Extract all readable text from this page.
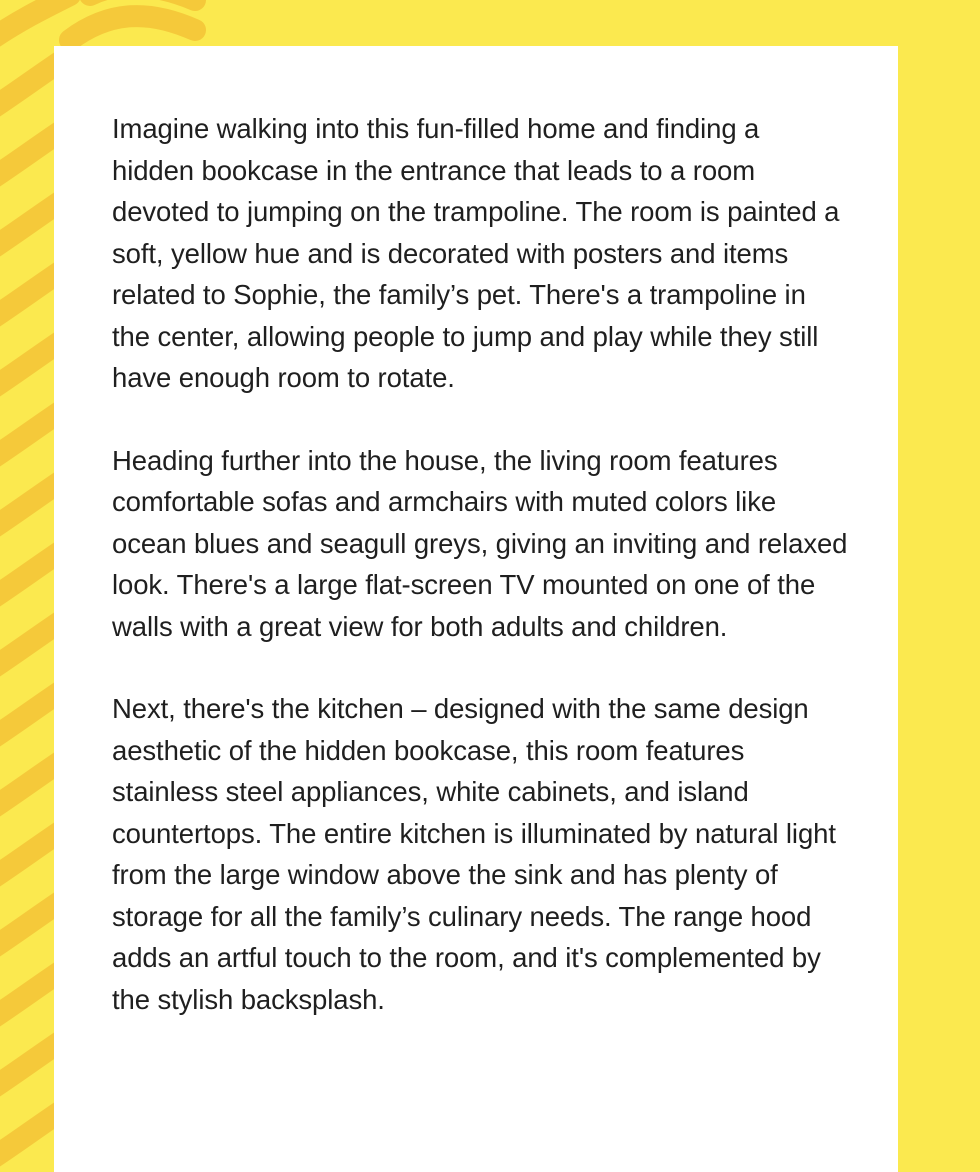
Imagine walking into this fun-filled home and finding a hidden bookcase in the entrance that leads to a room devoted to jumping on the trampoline. The room is painted a soft, yellow hue and is decorated with posters and items related to Sophie, the family’s pet. There's a trampoline in the center, allowing people to jump and play while they still have enough room to rotate.

Heading further into the house, the living room features comfortable sofas and armchairs with muted colors like ocean blues and seagull greys, giving an inviting and relaxed look. There's a large flat-screen TV mounted on one of the walls with a great view for both adults and children.

Next, there's the kitchen – designed with the same design aesthetic of the hidden bookcase, this room features stainless steel appliances, white cabinets, and island countertops. The entire kitchen is illuminated by natural light from the large window above the sink and has plenty of storage for all the family’s culinary needs. The range hood adds an artful touch to the room, and it's complemented by the stylish backsplash.
